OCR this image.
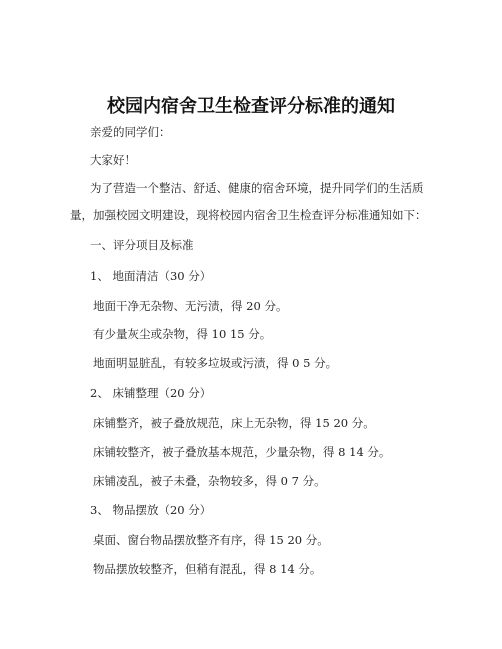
校园内宿舍卫生检查评分标准的通知
亲爱的同学们：
大家好！
为了营造一个整洁、舒适、健康的宿舍环境，提升同学们的生活质
量，加强校园文明建设，现将校园内宿舍卫生检查评分标准通知如下：
一、评分项目及标准
1、 地面清洁（30 分）
地面干净无杂物、无污渍，得 20 分。
有少量灰尘或杂物，得 10 15 分。
地面明显脏乱，有较多垃圾或污渍，得 0 5 分。
2、 床铺整理（20 分）
床铺整齐，被子叠放规范，床上无杂物，得 15 20 分。
床铺较整齐，被子叠放基本规范，少量杂物，得 8 14 分。
床铺凌乱，被子未叠，杂物较多，得 0 7 分。
3、 物品摆放（20 分）
桌面、窗台物品摆放整齐有序，得 15 20 分。
物品摆放较整齐，但稍有混乱，得 8 14 分。
